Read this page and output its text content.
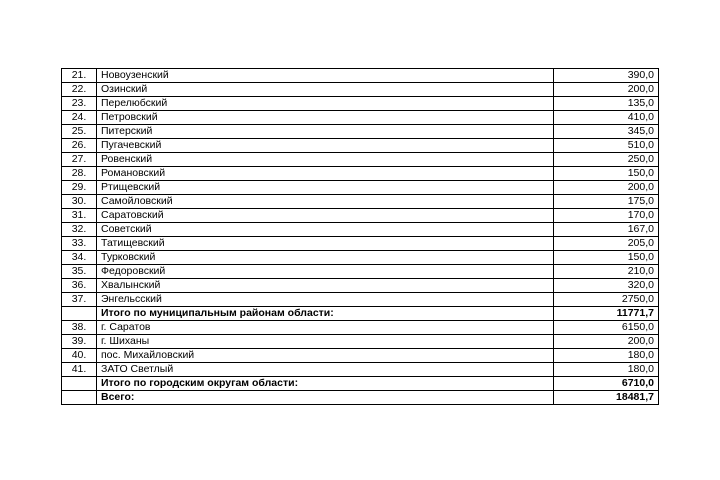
21.	Новоузенский	390,0
22.	Озинский	200,0
23.	Перелюбский	135,0
24.	Петровский	410,0
25.	Питерский	345,0
26.	Пугачевский	510,0
27.	Ровенский	250,0
28.	Романовский	150,0
29.	Ртищевский	200,0
30.	Самойловский	175,0
31.	Саратовский	170,0
32.	Советский	167,0
33.	Татищевский	205,0
34.	Турковский	150,0
35.	Федоровский	210,0
36.	Хвалынский	320,0
37.	Энгельсский	2750,0
	Итого по муниципальным районам области:	11771,7
38.	г. Саратов	6150,0
39.	г. Шиханы	200,0
40.	пос. Михайловский	180,0
41.	ЗАТО Светлый	180,0
	Итого по городским округам области:	6710,0
	Всего:	18481,7
